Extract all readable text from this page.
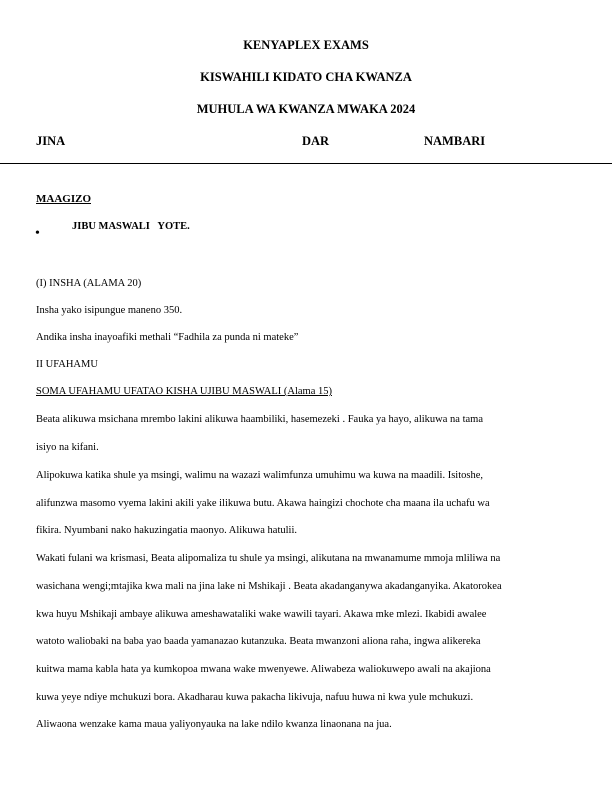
KENYAPLEX EXAMS
KISWAHILI KIDATO CHA KWANZA
MUHULA WA KWANZA MWAKA 2024
JINA	DAR	NAMBARI
MAAGIZO
•	JIBU MASWALI   YOTE.
(I) INSHA (ALAMA 20)
Insha yako isipungue maneno 350.
Andika insha inayoafiki methali “Fadhila za punda ni mateke”
II UFAHAMU
SOMA UFAHAMU UFATAO KISHA UJIBU MASWALI (Alama 15)
Beata alikuwa msichana mrembo lakini alikuwa haambiliki, hasemezeki . Fauka ya hayo, alikuwa na tama
isiyo na kifani.
Alipokuwa katika shule ya msingi, walimu na wazazi walimfunza umuhimu wa kuwa na maadili. Isitoshe,
alifunzwa masomo vyema lakini akili yake ilikuwa butu. Akawa haingizi chochote cha maana ila uchafu wa
fikira. Nyumbani nako hakuzingatia maonyo. Alikuwa hatulii.
Wakati fulani wa krismasi, Beata alipomaliza tu shule ya msingi, alikutana na mwanamume mmoja mliliwa na
wasichana wengi;mtajika kwa mali na jina lake ni Mshikaji . Beata akadanganywa akadanganyika. Akatorokea
kwa huyu Mshikaji ambaye alikuwa ameshawataliki wake wawili tayari. Akawa mke mlezi. Ikabidi awalee
watoto waliobaki na baba yao baada yamanazao kutanzuka. Beata mwanzoni aliona raha, ingwa alikereka
kuitwa mama kabla hata ya kumkopoa mwana wake mwenyewe. Aliwabeza waliokuwepo awali na akajiona
kuwa yeye ndiye mchukuzi bora. Akadharau kuwa pakacha likivuja, nafuu huwa ni kwa yule mchukuzi.
Aliwaona wenzake kama maua yaliyonyauka na lake ndilo kwanza linaonana na jua.
